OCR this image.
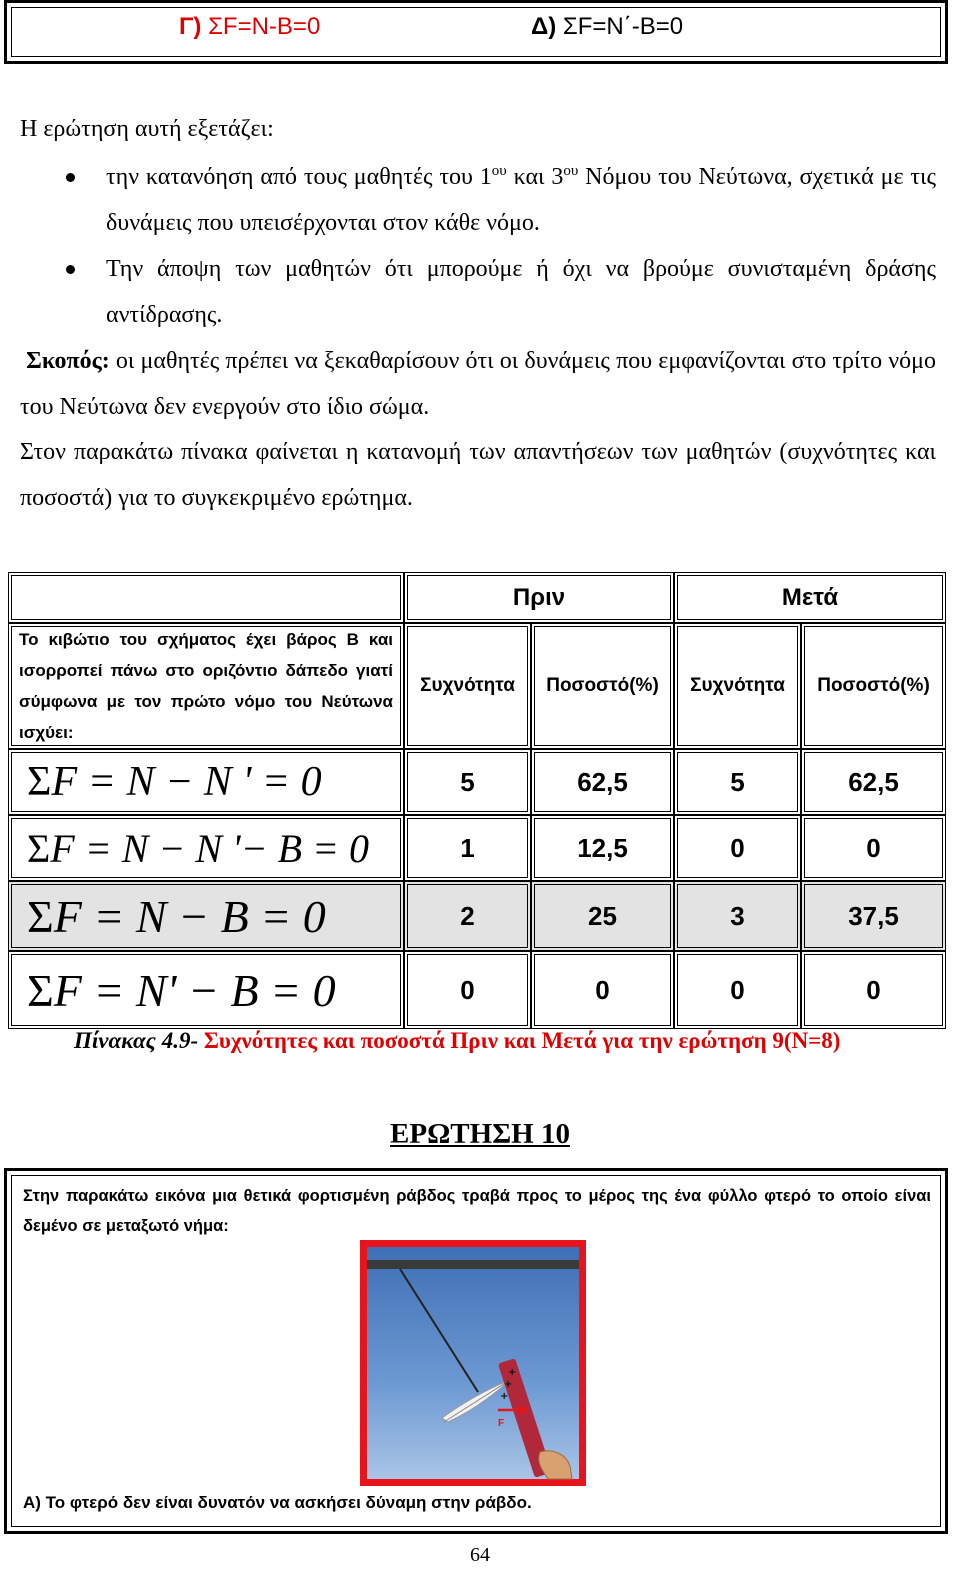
Γ) ΣF=N-B=0	Δ) ΣF=N΄-B=0
Η ερώτηση αυτή εξετάζει:
την κατανόηση από τους μαθητές του $1^{o\upsilon}$ και $3^{o\upsilon}$ Νόμου του Νεύτωνα, σχετικά με τις δυνάμεις που υπεισέρχονται στον κάθε νόμο.
Την άποψη των μαθητών ότι μπορούμε ή όχι να βρούμε συνισταμένη δράσης αντίδρασης.
Σκοπός: οι μαθητές πρέπει να ξεκαθαρίσουν ότι οι δυνάμεις που εμφανίζονται στο τρίτο νόμο του Νεύτωνα δεν ενεργούν στο ίδιο σώμα.
Στον παρακάτω πίνακα φαίνεται η κατανομή των απαντήσεων των μαθητών (συχνότητες και ποσοστά) για το συγκεκριμένο ερώτημα.
	Πριν		Μετά	
Το κιβώτιο του σχήματος έχει βάρος Β και ισορροπεί πάνω στο οριζόντιο δάπεδο γιατί σύμφωνα με τον πρώτο νόμο του Νεύτωνα ισχύει:	Συχνότητα	Ποσοστό(%)	Συχνότητα	Ποσοστό(%)
ΣF = N − N ' = 0	5	62,5	5	62,5
ΣF = N − N '− B = 0	1	12,5	0	0
ΣF = N − B = 0	2	25	3	37,5
ΣF = N' − B = 0	0	0	0	0
Πίνακας 4.9- Συχνότητες και ποσοστά Πριν και Μετά για την ερώτηση 9(N=8)
ΕΡΩΤΗΣΗ 10
Στην παρακάτω εικόνα μια θετικά φορτισμένη ράβδος τραβά προς το μέρος της ένα φύλλο φτερό το οποίο είναι δεμένο σε μεταξωτό νήμα:
Α) Το φτερό δεν είναι δυνατόν να ασκήσει δύναμη στην ράβδο.
+
+
+
F
64
